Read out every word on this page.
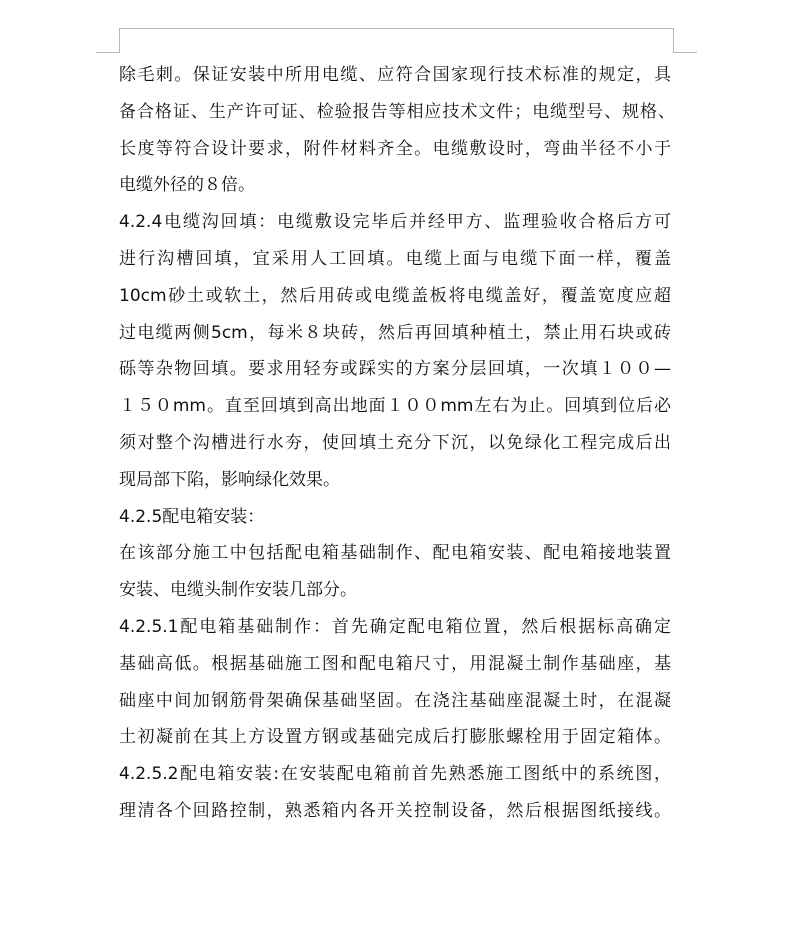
除毛刺。保证安装中所用电缆、应符合国家现行技术标准的规定，具
备合格证、生产许可证、检验报告等相应技术文件；电缆型号、规格、
长度等符合设计要求，附件材料齐全。电缆敷设时，弯曲半径不小于
电缆外径的８倍。
4.2.4电缆沟回填：电缆敷设完毕后并经甲方、监理验收合格后方可
进行沟槽回填，宜采用人工回填。电缆上面与电缆下面一样，覆盖
10cm砂土或软土，然后用砖或电缆盖板将电缆盖好，覆盖宽度应超
过电缆两侧5cm，每米８块砖，然后再回填种植土，禁止用石块或砖
砾等杂物回填。要求用轻夯或踩实的方案分层回填，一次填１００—
１５０mm。直至回填到高出地面１００mm左右为止。回填到位后必
须对整个沟槽进行水夯，使回填土充分下沉，以免绿化工程完成后出
现局部下陷，影响绿化效果。
4.2.5配电箱安装：
在该部分施工中包括配电箱基础制作、配电箱安装、配电箱接地装置
安装、电缆头制作安装几部分。
4.2.5.1配电箱基础制作：首先确定配电箱位置，然后根据标高确定
基础高低。根据基础施工图和配电箱尺寸，用混凝土制作基础座，基
础座中间加钢筋骨架确保基础坚固。在浇注基础座混凝土时，在混凝
土初凝前在其上方设置方钢或基础完成后打膨胀螺栓用于固定箱体。
4.2.5.2配电箱安装:在安装配电箱前首先熟悉施工图纸中的系统图，
理清各个回路控制，熟悉箱内各开关控制设备，然后根据图纸接线。
